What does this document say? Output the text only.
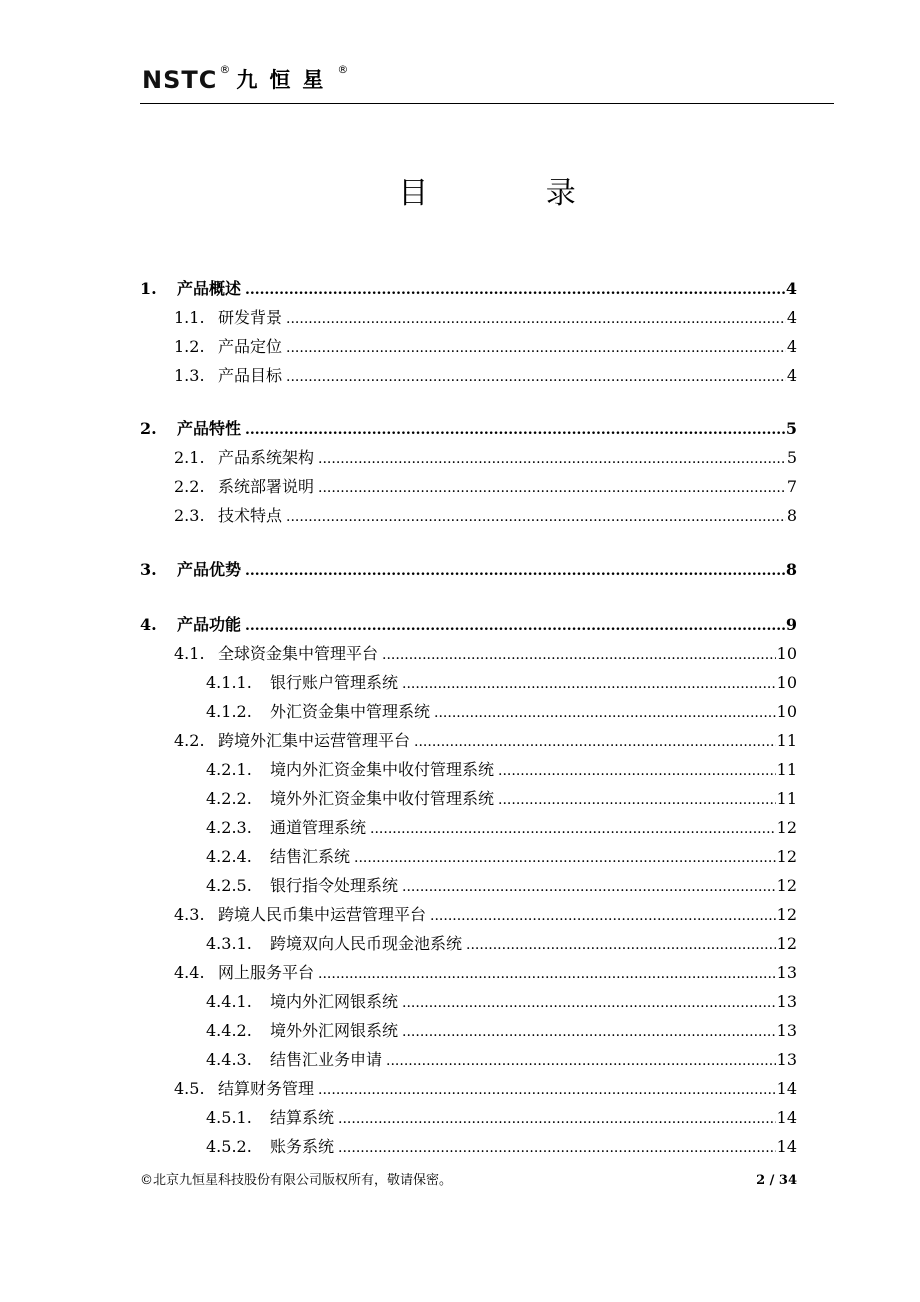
NSTC ® 九恒星 ®
目 录
1.	产品概述 .....	4
1.1. 研发背景 .....	4
1.2. 产品定位 .....	4
1.3. 产品目标 .....	4
2.	产品特性 .....	5
2.1. 产品系统架构 .....	5
2.2. 系统部署说明 .....	7
2.3. 技术特点 .....	8
3.	产品优势 .....	8
4.	产品功能 .....	9
4.1. 全球资金集中管理平台 .....	10
4.1.1.	银行账户管理系统 .....	10
4.1.2.	外汇资金集中管理系统 .....	10
4.2. 跨境外汇集中运营管理平台 .....	11
4.2.1.	境内外汇资金集中收付管理系统 .....	11
4.2.2.	境外外汇资金集中收付管理系统 .....	11
4.2.3.	通道管理系统 .....	12
4.2.4.	结售汇系统 .....	12
4.2.5.	银行指令处理系统 .....	12
4.3. 跨境人民币集中运营管理平台 .....	12
4.3.1.	跨境双向人民币现金池系统 .....	12
4.4. 网上服务平台 .....	13
4.4.1.	境内外汇网银系统 .....	13
4.4.2.	境外外汇网银系统 .....	13
4.4.3.	结售汇业务申请 .....	13
4.5. 结算财务管理 .....	14
4.5.1.	结算系统 .....	14
4.5.2.	账务系统 .....	14
©北京九恒星科技股份有限公司版权所有，敬请保密。	2 / 34
